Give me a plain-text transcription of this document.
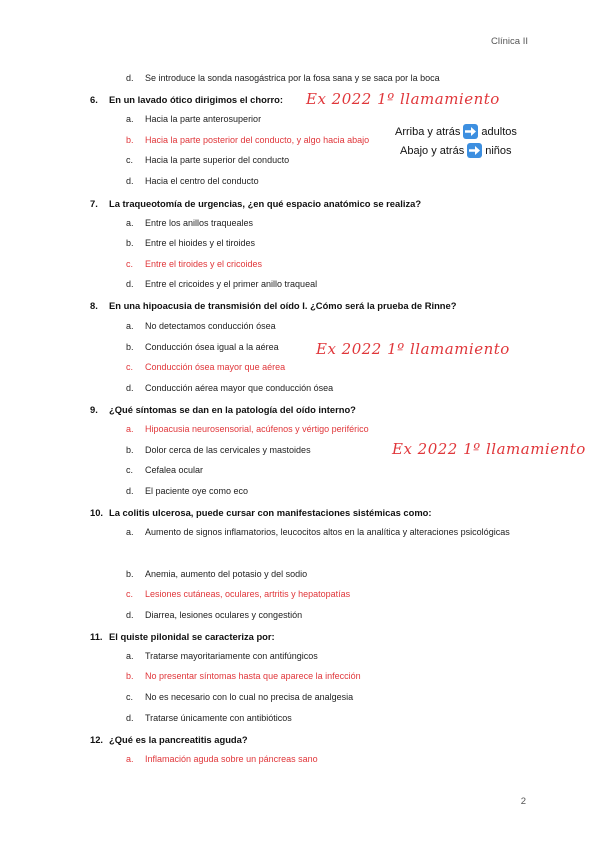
Clínica II
d. Se introduce la sonda nasogástrica por la fosa sana y se saca por la boca
6. En un lavado ótico dirigimos el chorro: Ex 2022 1º llamamiento
a. Hacia la parte anterosuperior
b. Hacia la parte posterior del conducto, y algo hacia abajo
c. Hacia la parte superior del conducto
d. Hacia el centro del conducto
Arriba y atrás adultos
Abajo y atrás niños
7. La traqueotomía de urgencias, ¿en qué espacio anatómico se realiza?
a. Entre los anillos traqueales
b. Entre el hioides y el tiroides
c. Entre el tiroides y el cricoides
d. Entre el cricoides y el primer anillo traqueal
8. En una hipoacusia de transmisión del oído I. ¿Cómo será la prueba de Rinne?
a. No detectamos conducción ósea
b. Conducción ósea igual a la aérea Ex 2022 1º llamamiento
c. Conducción ósea mayor que aérea
d. Conducción aérea mayor que conducción ósea
9. ¿Qué síntomas se dan en la patología del oído interno?
a. Hipoacusia neurosensorial, acúfenos y vértigo periférico
b. Dolor cerca de las cervicales y mastoides	Ex 2022 1º llamamiento
c. Cefalea ocular
d. El paciente oye como eco
10. La colitis ulcerosa, puede cursar con manifestaciones sistémicas como:
a. Aumento de signos inflamatorios, leucocitos altos en la analítica y alteraciones psicológicas
b. Anemia, aumento del potasio y del sodio
c. Lesiones cutáneas, oculares, artritis y hepatopatías
d. Diarrea, lesiones oculares y congestión
11. El quiste pilonidal se caracteriza por:
a. Tratarse mayoritariamente con antifúngicos
b. No presentar síntomas hasta que aparece la infección
c. No es necesario con lo cual no precisa de analgesia
d. Tratarse únicamente con antibióticos
12. ¿Qué es la pancreatitis aguda?
a. Inflamación aguda sobre un páncreas sano
2
